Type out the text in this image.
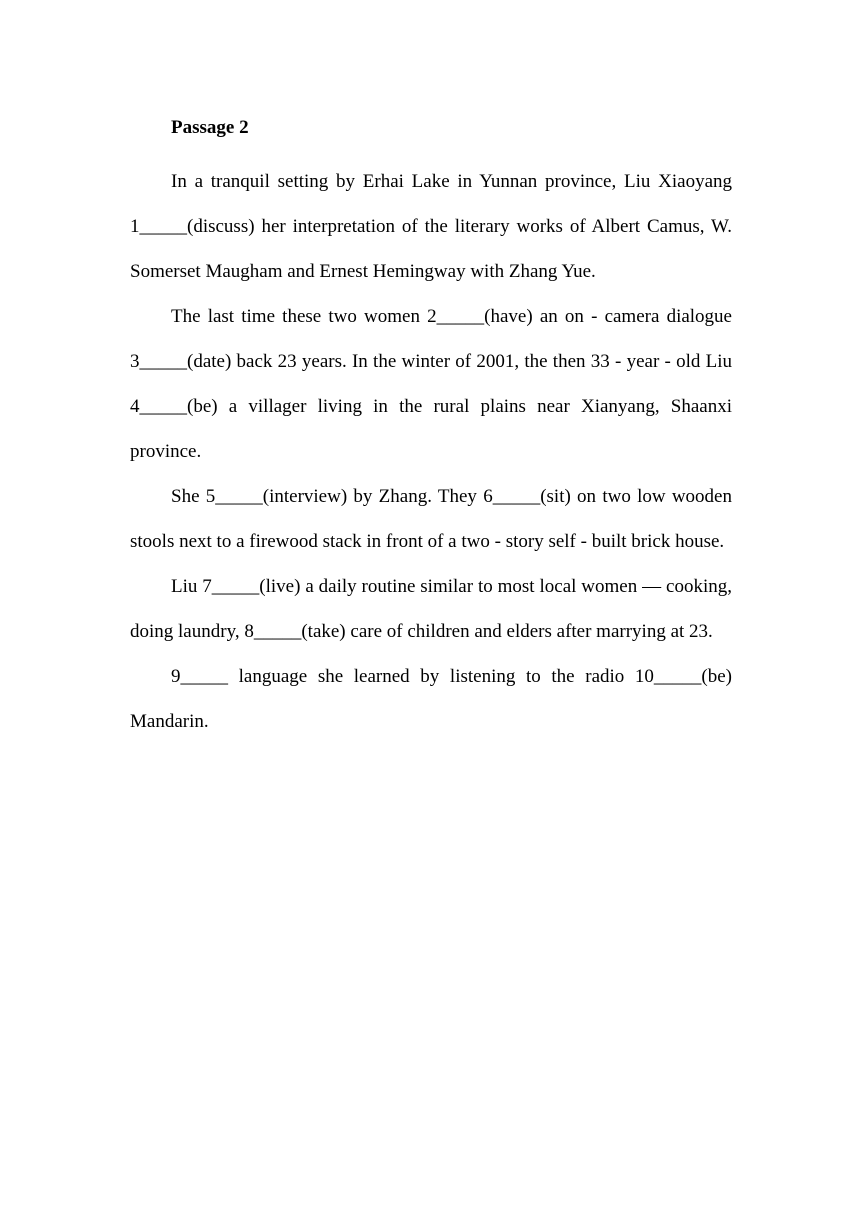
Passage 2

In a tranquil setting by Erhai Lake in Yunnan province, Liu Xiaoyang 1_____(discuss) her interpretation of the literary works of Albert Camus, W. Somerset Maugham and Ernest Hemingway with Zhang Yue.

The last time these two women 2_____(have) an on - camera dialogue 3_____(date) back 23 years. In the winter of 2001, the then 33 - year - old Liu 4_____(be) a villager living in the rural plains near Xianyang, Shaanxi province.

She 5_____(interview) by Zhang. They 6_____(sit) on two low wooden stools next to a firewood stack in front of a two - story self - built brick house.

Liu 7_____(live) a daily routine similar to most local women — cooking, doing laundry, 8_____(take) care of children and elders after marrying at 23.

9_____ language she learned by listening to the radio 10_____(be) Mandarin.
